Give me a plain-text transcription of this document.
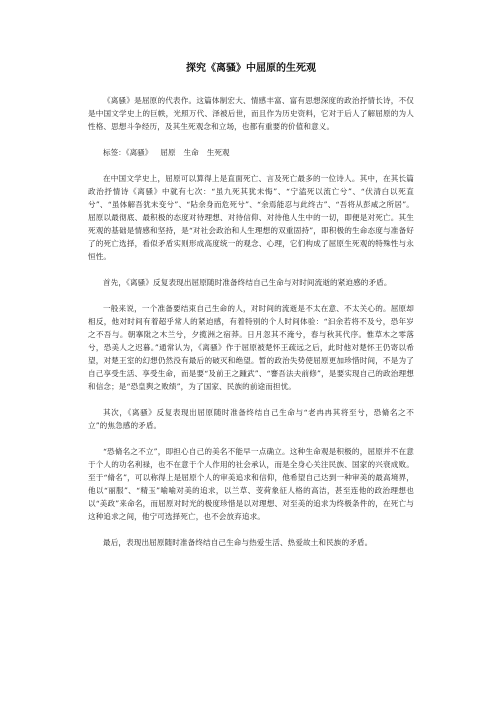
探究《离骚》中屈原的生死观

《离骚》是屈原的代表作。这篇体制宏大、情感丰富、富有思想深度的政治抒情长诗，不仅是中国文学史上的巨帙，光照万代、泽被后世，而且作为历史资料，它对于后人了解屈原的为人性格、思想斗争经历，及其生死观念和立场，也都有重要的价值和意义。

标签：《离骚》 屈原 生命 生死观

在中国文学史上，屈原可以算得上是直面死亡、言及死亡最多的一位诗人。其中，在其长篇政治抒情诗《离骚》中就有七次：“虽九死其犹未悔”、“宁溘死以流亡兮”、“伏清白以死直兮”、“虽体解吾犹未变兮”、“阽余身而危死兮”、“余焉能忍与此终古”、“吾将从彭咸之所居”。屈原以最彻底、最积极的态度对待理想、对待信仰、对待他人生中的一切，即便是对死亡。其生死观的基础是情感和坚持，是“对社会政治和人生理想的双重固持”，即积极的生命态度与准备好了的死亡选择，看似矛盾实则形成高度统一的观念、心理，它们构成了屈原生死观的特殊性与永恒性。

首先，《离骚》反复表现出屈原随时准备终结自己生命与对时间流逝的紧迫感的矛盾。

一般来说，一个准备要结束自己生命的人，对时间的流逝是不太在意、不太关心的。屈原却相反，他对时间有着超乎常人的紧迫感，有着特别的个人时间体验：“汩余若将不及兮，恐年岁之不吾与。朝搴阰之木兰兮，夕揽洲之宿莽。日月忽其不淹兮，春与秋其代序。惟草木之零落兮，恐美人之迟暮。”通常认为，《离骚》作于屈原被楚怀王疏远之后，此时他对楚怀王仍寄以希望，对楚王室的幻想仍然没有最后的破灭和绝望。暂的政治失势使屈原更加珍惜时间，不是为了自己享受生活、享受生命，而是要“及前王之踵武”、“謇吾法夫前修”，是要实现自己的政治理想和信念；是“恐皇舆之败绩”，为了国家、民族的前途而担忧。

其次，《离骚》反复表现出屈原随时准备终结自己生命与“老冉冉其将至兮，恐脩名之不立”的焦急感的矛盾。

“恐脩名之不立”，即担心自己的美名不能早一点确立。这种生命观是积极的，屈原并不在意于个人的功名利禄，也不在意于个人作用的社会承认，而是全身心关注民族、国家的兴衰成败。至于“脩名”，可以称得上是屈原个人的审美追求和信仰，他希望自己达到一种审美的最高境界，他以“丽服”、“精玉”喻喻对美的追求，以兰草、芰荷象征人格的高洁，甚至连他的政治理想也以“美政”来命名，而屈原对时光的极度珍惜是以对理想、对至美的追求为终极条件的，在死亡与这种追求之间，他宁可选择死亡，也不会放弃追求。

最后，表现出屈原随时准备终结自己生命与热爱生活、热爱故土和民族的矛盾。
